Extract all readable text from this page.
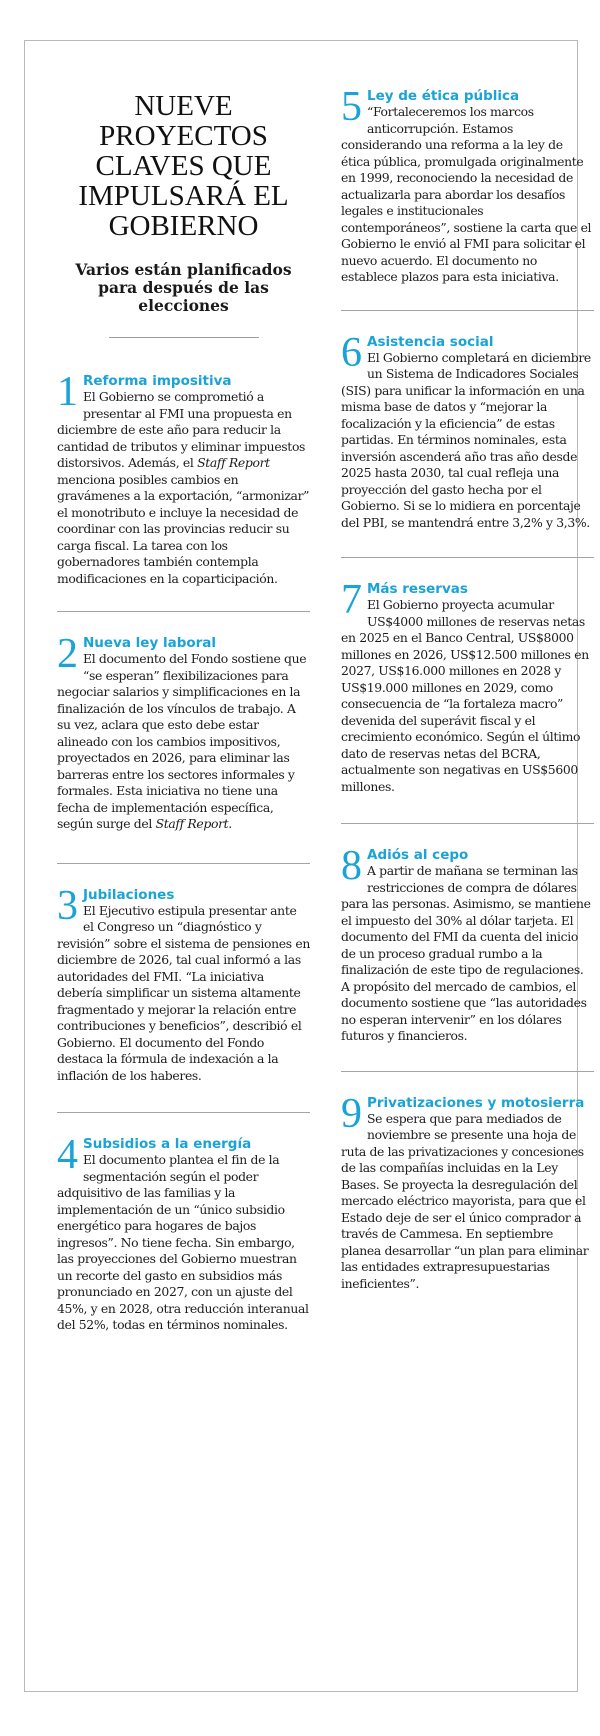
NUEVE PROYECTOS CLAVES QUE IMPULSARÁ EL GOBIERNO
Varios están planificados para después de las elecciones
1 Reforma impositiva
El Gobierno se comprometió a presentar al FMI una propuesta en diciembre de este año para reducir la cantidad de tributos y eliminar impuestos distorsivos. Además, el Staff Report menciona posibles cambios en gravámenes a la exportación, “armonizar” el monotributo e incluye la necesidad de coordinar con las provincias reducir su carga fiscal. La tarea con los gobernadores también contempla modificaciones en la coparticipación.
2 Nueva ley laboral
El documento del Fondo sostiene que “se esperan” flexibilizaciones para negociar salarios y simplificaciones en la finalización de los vínculos de trabajo. A su vez, aclara que esto debe estar alineado con los cambios impositivos, proyectados en 2026, para eliminar las barreras entre los sectores informales y formales. Esta iniciativa no tiene una fecha de implementación específica, según surge del Staff Report.
3 Jubilaciones
El Ejecutivo estipula presentar ante el Congreso un “diagnóstico y revisión” sobre el sistema de pensiones en diciembre de 2026, tal cual informó a las autoridades del FMI. “La iniciativa debería simplificar un sistema altamente fragmentado y mejorar la relación entre contribuciones y beneficios”, describió el Gobierno. El documento del Fondo destaca la fórmula de indexación a la inflación de los haberes.
4 Subsidios a la energía
El documento plantea el fin de la segmentación según el poder adquisitivo de las familias y la implementación de un “único subsidio energético para hogares de bajos ingresos”. No tiene fecha. Sin embargo, las proyecciones del Gobierno muestran un recorte del gasto en subsidios más pronunciado en 2027, con un ajuste del 45%, y en 2028, otra reducción interanual del 52%, todas en términos nominales.
5 Ley de ética pública
“Fortaleceremos los marcos anticorrupción. Estamos considerando una reforma a la ley de ética pública, promulgada originalmente en 1999, reconociendo la necesidad de actualizarla para abordar los desafíos legales e institucionales contemporáneos”, sostiene la carta que el Gobierno le envió al FMI para solicitar el nuevo acuerdo. El documento no establece plazos para esta iniciativa.
6 Asistencia social
El Gobierno completará en diciembre un Sistema de Indicadores Sociales (SIS) para unificar la información en una misma base de datos y “mejorar la focalización y la eficiencia” de estas partidas. En términos nominales, esta inversión ascenderá año tras año desde 2025 hasta 2030, tal cual refleja una proyección del gasto hecha por el Gobierno. Si se lo midiera en porcentaje del PBI, se mantendrá entre 3,2% y 3,3%.
7 Más reservas
El Gobierno proyecta acumular US$4000 millones de reservas netas en 2025 en el Banco Central, US$8000 millones en 2026, US$12.500 millones en 2027, US$16.000 millones en 2028 y US$19.000 millones en 2029, como consecuencia de “la fortaleza macro” devenida del superávit fiscal y el crecimiento económico. Según el último dato de reservas netas del BCRA, actualmente son negativas en US$5600 millones.
8 Adiós al cepo
A partir de mañana se terminan las restricciones de compra de dólares para las personas. Asimismo, se mantiene el impuesto del 30% al dólar tarjeta. El documento del FMI da cuenta del inicio de un proceso gradual rumbo a la finalización de este tipo de regulaciones. A propósito del mercado de cambios, el documento sostiene que “las autoridades no esperan intervenir” en los dólares futuros y financieros.
9 Privatizaciones y motosierra
Se espera que para mediados de noviembre se presente una hoja de ruta de las privatizaciones y concesiones de las compañías incluidas en la Ley Bases. Se proyecta la desregulación del mercado eléctrico mayorista, para que el Estado deje de ser el único comprador a través de Cammesa. En septiembre planea desarrollar “un plan para eliminar las entidades extrapresupuestarias ineficientes”.
